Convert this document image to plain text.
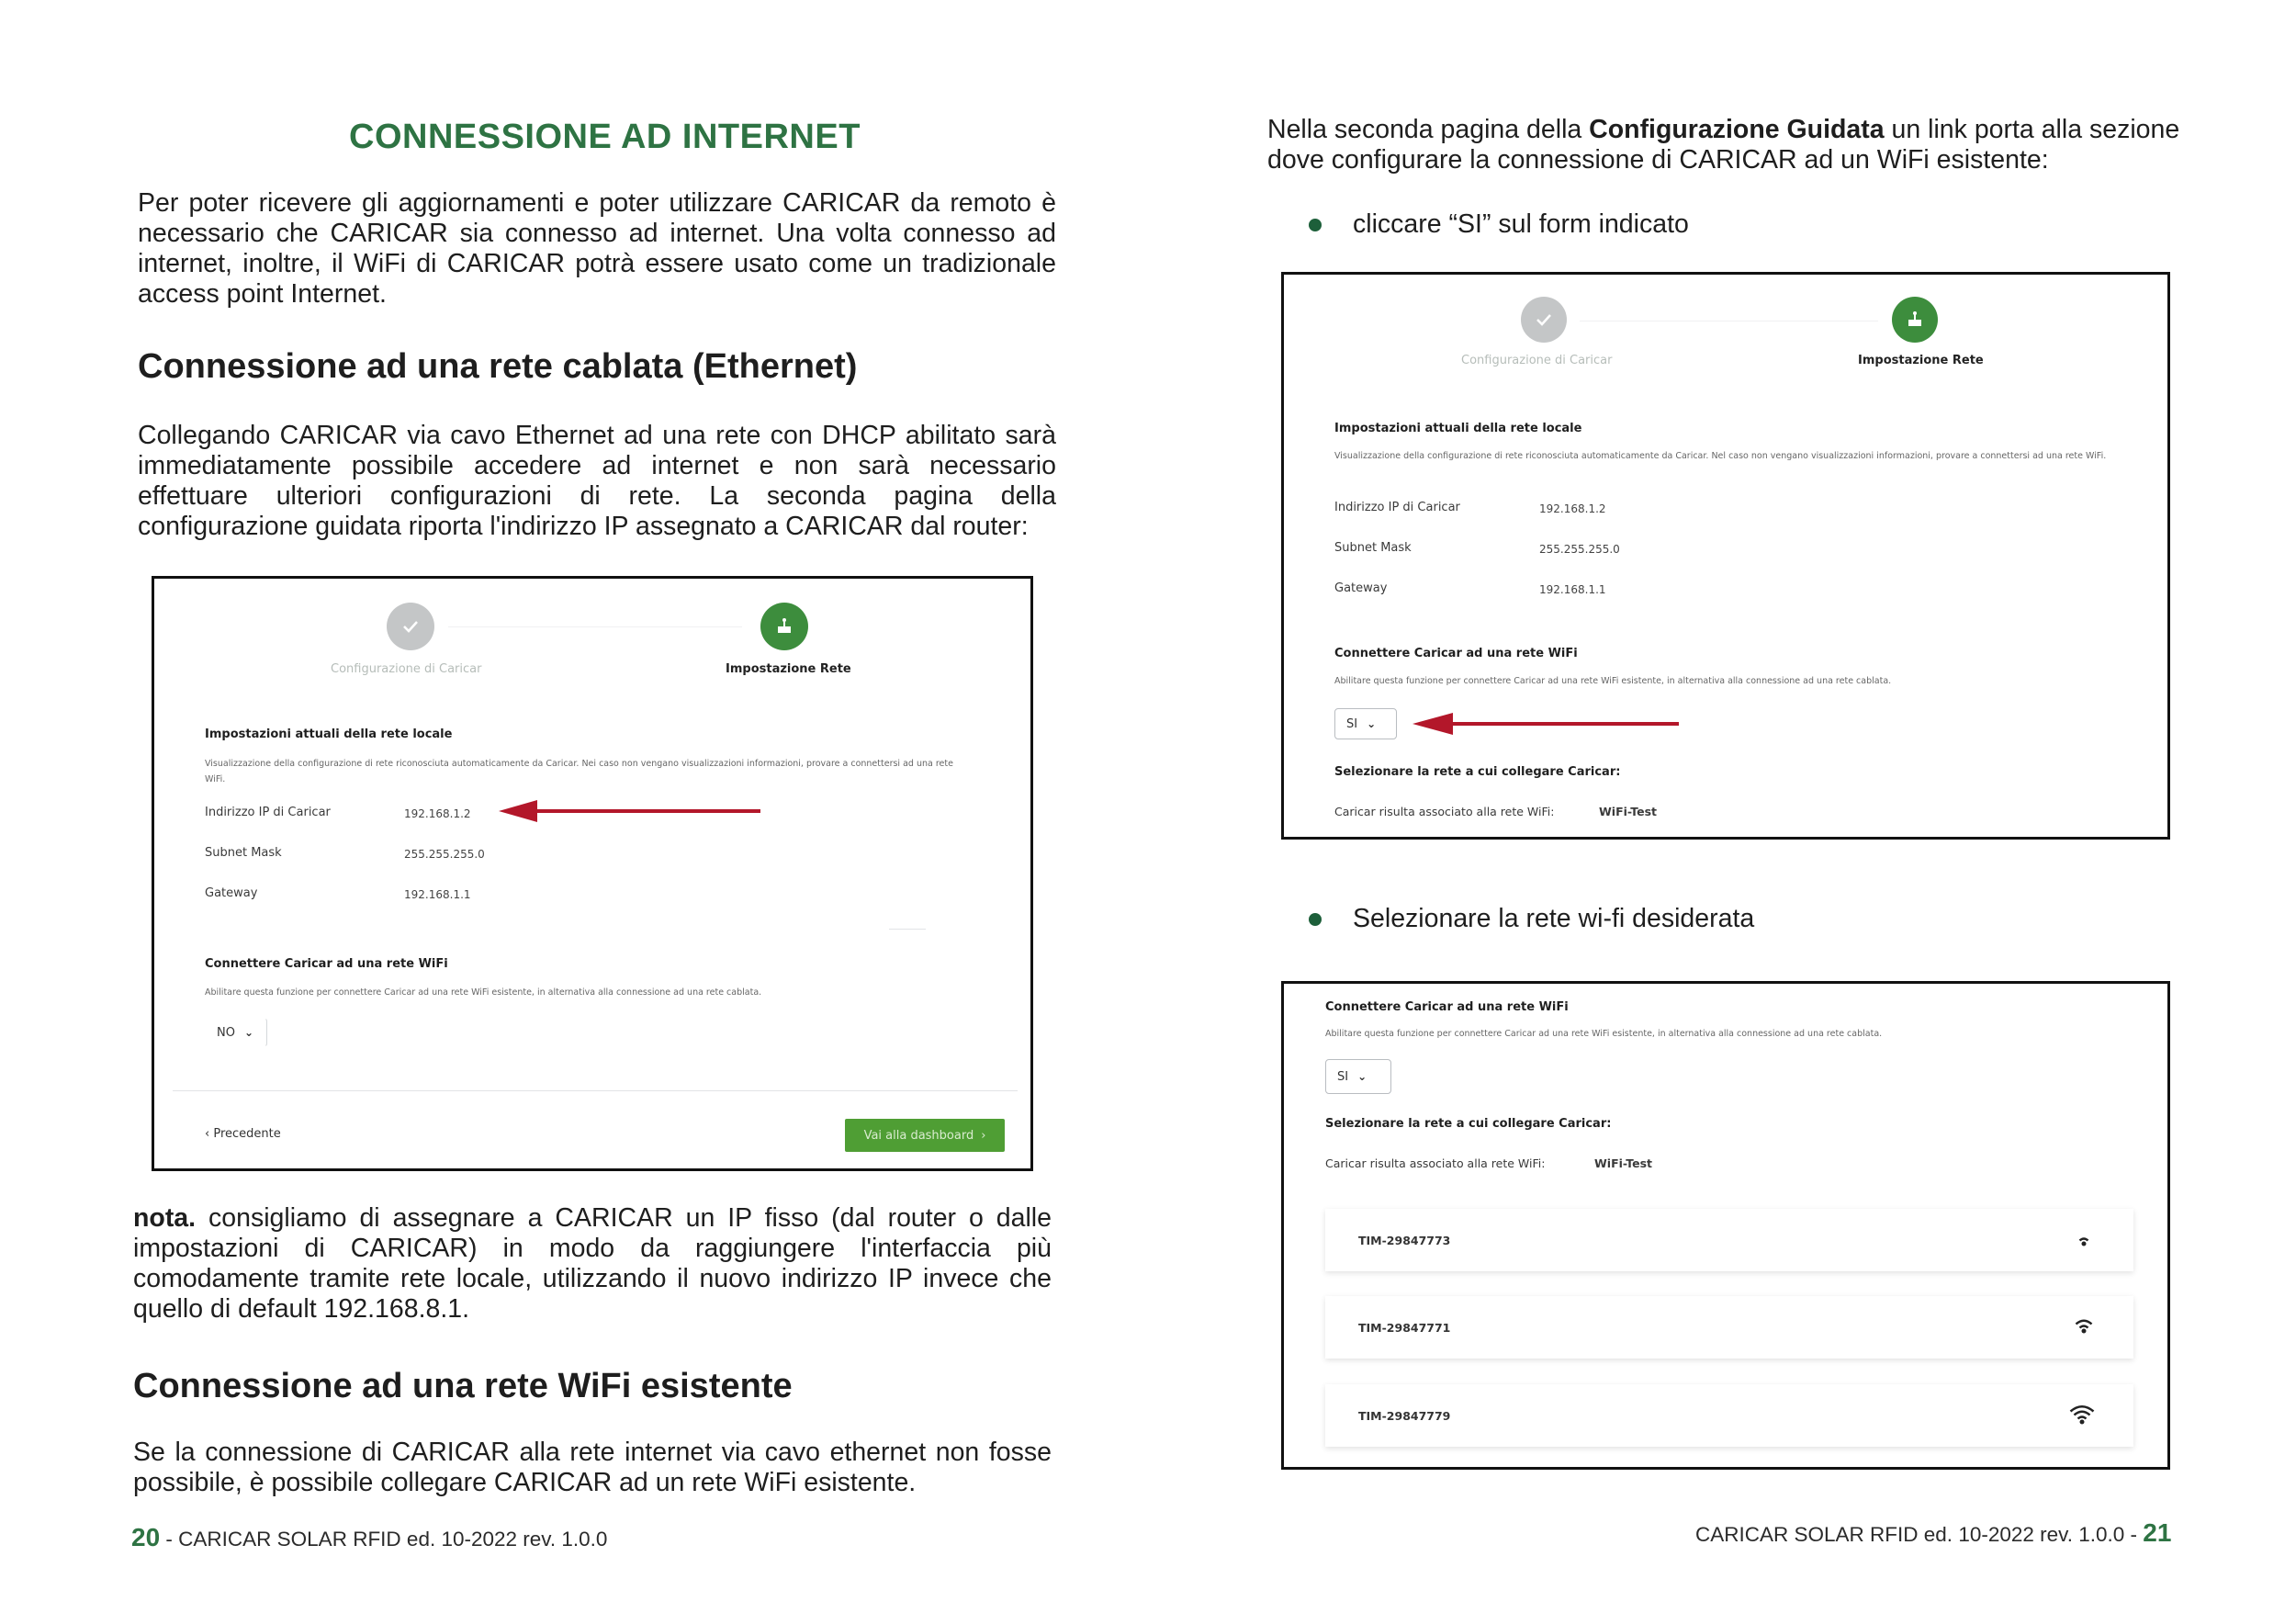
CONNESSIONE AD INTERNET

Per poter ricevere gli aggiornamenti e poter utilizzare CARICAR da remoto è necessario che CARICAR sia connesso ad internet. Una volta connesso ad internet, inoltre, il WiFi di CARICAR potrà essere usato come un tradizionale access point Internet.

Connessione ad una rete cablata (Ethernet)

Collegando CARICAR via cavo Ethernet ad una rete con DHCP abilitato sarà immediatamente possibile accedere ad internet e non sarà necessario effettuare ulteriori configurazioni di rete. La seconda pagina della configurazione guidata riporta l'indirizzo IP assegnato a CARICAR dal router:

Configurazione di Caricar	Impostazione Rete
Impostazioni attuali della rete locale
Visualizzazione della configurazione di rete riconosciuta automaticamente da Caricar. Nei caso non vengano visualizzazioni informazioni, provare a connettersi ad una rete WiFi.
Indirizzo IP di Caricar	192.168.1.2
Subnet Mask	255.255.255.0
Gateway	192.168.1.1
Connettere Caricar ad una rete WiFi
Abilitare questa funzione per connettere Caricar ad una rete WiFi esistente, in alternativa alla connessione ad una rete cablata.
NO ⌄
‹ Precedente	Vai alla dashboard ›

nota. consigliamo di assegnare a CARICAR un IP fisso (dal router o dalle impostazioni di CARICAR) in modo da raggiungere l'interfaccia più comodamente tramite rete locale, utilizzando il nuovo indirizzo IP invece che quello di default 192.168.8.1.

Connessione ad una rete WiFi esistente

Se la connessione di CARICAR alla rete internet via cavo ethernet non fosse possibile, è possibile collegare CARICAR ad un rete WiFi esistente.

20 - CARICAR SOLAR RFID ed. 10-2022 rev. 1.0.0

Nella seconda pagina della Configurazione Guidata un link porta alla sezione dove configurare la connessione di CARICAR ad un WiFi esistente:

cliccare “SI” sul form indicato
Configurazione di Caricar	Impostazione Rete
Impostazioni attuali della rete locale
Visualizzazione della configurazione di rete riconosciuta automaticamente da Caricar. Nel caso non vengano visualizzazioni informazioni, provare a connettersi ad una rete WiFi.
Indirizzo IP di Caricar	192.168.1.2
Subnet Mask	255.255.255.0
Gateway	192.168.1.1
Connettere Caricar ad una rete WiFi
Abilitare questa funzione per connettere Caricar ad una rete WiFi esistente, in alternativa alla connessione ad una rete cablata.
SI ⌄
Selezionare la rete a cui collegare Caricar:
Caricar risulta associato alla rete WiFi:	WiFi-Test
Selezionare la rete wi-fi desiderata
Connettere Caricar ad una rete WiFi
Abilitare questa funzione per connettere Caricar ad una rete WiFi esistente, in alternativa alla connessione ad una rete cablata.
SI ⌄
Selezionare la rete a cui collegare Caricar:
Caricar risulta associato alla rete WiFi:	WiFi-Test
TIM-29847773
TIM-29847771
TIM-29847779
CARICAR SOLAR RFID ed. 10-2022 rev. 1.0.0 - 21
